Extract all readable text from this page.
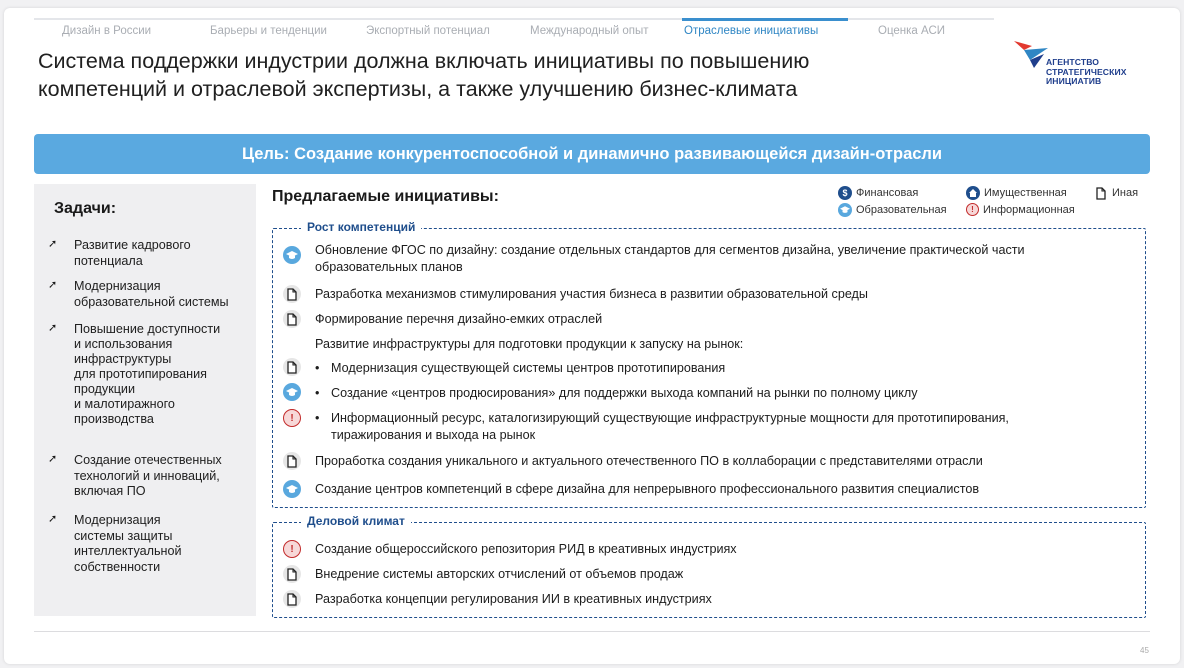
Дизайн в России	Барьеры и тенденции	Экспортный потенциал	Международный опыт	Отраслевые инициативы	Оценка АСИ
Система поддержки индустрии должна включать инициативы по повышению
компетенций и отраслевой экспертизы, а также улучшению бизнес-климата
АГЕНТСТВО
СТРАТЕГИЧЕСКИХ
ИНИЦИАТИВ
Цель: Создание конкурентоспособной и динамично развивающейся дизайн-отрасли
Задачи:
➚ Развитие кадрового
потенциала
➚ Модернизация
образовательной системы
➚ Повышение доступности
и использования
инфраструктуры
для прототипирования
продукции
и малотиражного
производства
➚ Создание отечественных
технологий и инноваций,
включая ПО
➚ Модернизация
системы защиты
интеллектуальной
собственности
Предлагаемые инициативы:	$ Финансовая	Имущественная	Иная
Образовательная	! Информационная
Рост компетенций
Обновление ФГОС по дизайну: создание отдельных стандартов для сегментов дизайна, увеличение практической части
образовательных планов
Разработка механизмов стимулирования участия бизнеса в развитии образовательной среды
Формирование перечня дизайно-емких отраслей
Развитие инфраструктуры для подготовки продукции к запуску на рынок:
• Модернизация существующей системы центров прототипирования
• Создание «центров продюсирования» для поддержки выхода компаний на рынки по полному циклу
!	• Информационный ресурс, каталогизирующий существующие инфраструктурные мощности для прототипирования,
тиражирования и выхода на рынок
Проработка создания уникального и актуального отечественного ПО в коллаборации с представителями отрасли
Создание центров компетенций в сфере дизайна для непрерывного профессионального развития специалистов
Деловой климат
!	Создание общероссийского репозитория РИД в креативных индустриях
Внедрение системы авторских отчислений от объемов продаж
Разработка концепции регулирования ИИ в креативных индустриях
45
